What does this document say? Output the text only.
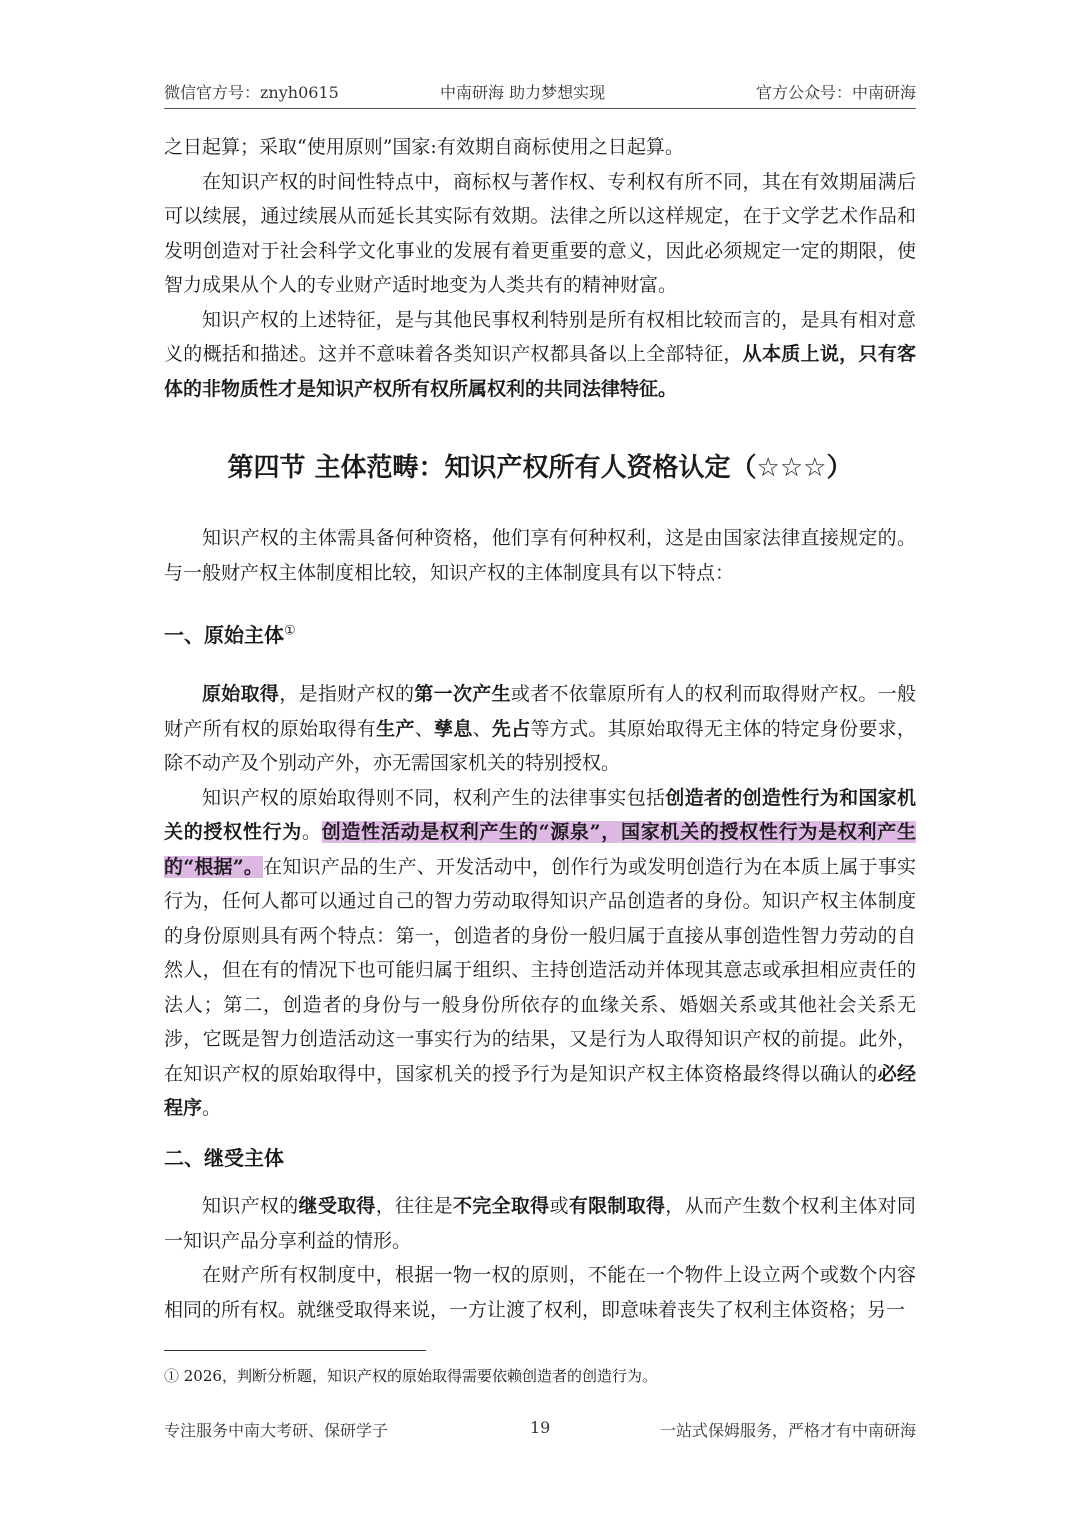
微信官方号：znyh0615	中南研海 助力梦想实现	官方公众号：中南研海

之日起算；采取“使用原则”国家:有效期自商标使用之日起算。

在知识产权的时间性特点中，商标权与著作权、专利权有所不同，其在有效期届满后可以续展，通过续展从而延长其实际有效期。法律之所以这样规定，在于文学艺术作品和发明创造对于社会科学文化事业的发展有着更重要的意义，因此必须规定一定的期限，使智力成果从个人的专业财产适时地变为人类共有的精神财富。

知识产权的上述特征，是与其他民事权利特别是所有权相比较而言的，是具有相对意义的概括和描述。这并不意味着各类知识产权都具备以上全部特征，从本质上说，只有客体的非物质性才是知识产权所有权所属权利的共同法律特征。

第四节 主体范畴：知识产权所有人资格认定（☆☆☆）

知识产权的主体需具备何种资格，他们享有何种权利，这是由国家法律直接规定的。与一般财产权主体制度相比较，知识产权的主体制度具有以下特点：

一、原始主体①

原始取得，是指财产权的第一次产生或者不依靠原所有人的权利而取得财产权。一般财产所有权的原始取得有生产、孳息、先占等方式。其原始取得无主体的特定身份要求，除不动产及个别动产外，亦无需国家机关的特别授权。

知识产权的原始取得则不同，权利产生的法律事实包括创造者的创造性行为和国家机关的授权性行为。创造性活动是权利产生的“源泉”，国家机关的授权性行为是权利产生的“根据”。在知识产品的生产、开发活动中，创作行为或发明创造行为在本质上属于事实行为，任何人都可以通过自己的智力劳动取得知识产品创造者的身份。知识产权主体制度的身份原则具有两个特点：第一，创造者的身份一般归属于直接从事创造性智力劳动的自然人，但在有的情况下也可能归属于组织、主持创造活动并体现其意志或承担相应责任的法人；第二，创造者的身份与一般身份所依存的血缘关系、婚姻关系或其他社会关系无涉，它既是智力创造活动这一事实行为的结果，又是行为人取得知识产权的前提。此外，在知识产权的原始取得中，国家机关的授予行为是知识产权主体资格最终得以确认的必经程序。

二、继受主体

知识产权的继受取得，往往是不完全取得或有限制取得，从而产生数个权利主体对同一知识产品分享利益的情形。

在财产所有权制度中，根据一物一权的原则，不能在一个物件上设立两个或数个内容相同的所有权。就继受取得来说，一方让渡了权利，即意味着丧失了权利主体资格；另一

① 2026，判断分析题，知识产权的原始取得需要依赖创造者的创造行为。
专注服务中南大考研、保研学子	19	一站式保姆服务，严格才有中南研海
